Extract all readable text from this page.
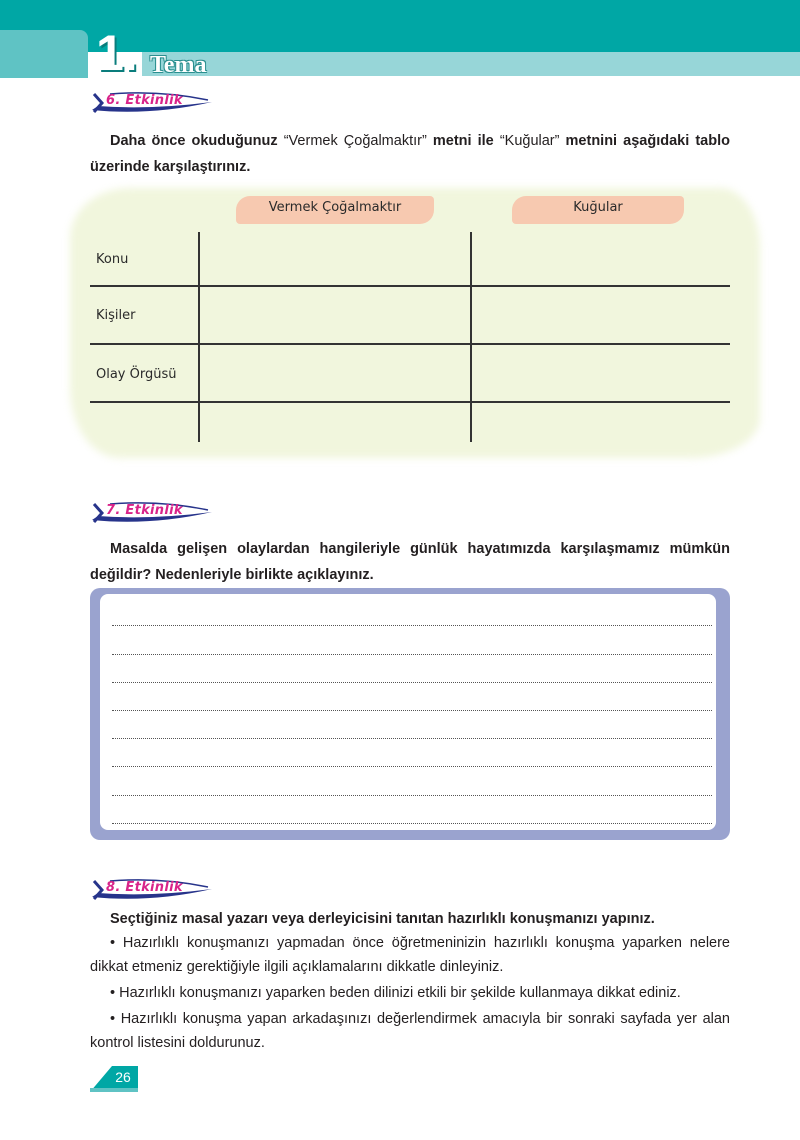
1. Tema
6. Etkinlik
Daha önce okuduğunuz “Vermek Çoğalmaktır” metni ile “Kuğular” metnini aşağıdaki tablo üzerinde karşılaştırınız.
Vermek Çoğalmaktır	Kuğular
Konu
Kişiler
Olay Örgüsü
7. Etkinlik
Masalda gelişen olaylardan hangileriyle günlük hayatımızda karşılaşmamız mümkün değildir? Nedenleriyle birlikte açıklayınız.
8. Etkinlik
Seçtiğiniz masal yazarı veya derleyicisini tanıtan hazırlıklı konuşmanızı yapınız.
• Hazırlıklı konuşmanızı yapmadan önce öğretmeninizin hazırlıklı konuşma yaparken nelere dikkat etmeniz gerektiğiyle ilgili açıklamalarını dikkatle dinleyiniz.
• Hazırlıklı konuşmanızı yaparken beden dilinizi etkili bir şekilde kullanmaya dikkat ediniz.
• Hazırlıklı konuşma yapan arkadaşınızı değerlendirmek amacıyla bir sonraki sayfada yer alan kontrol listesini doldurunuz.
26
